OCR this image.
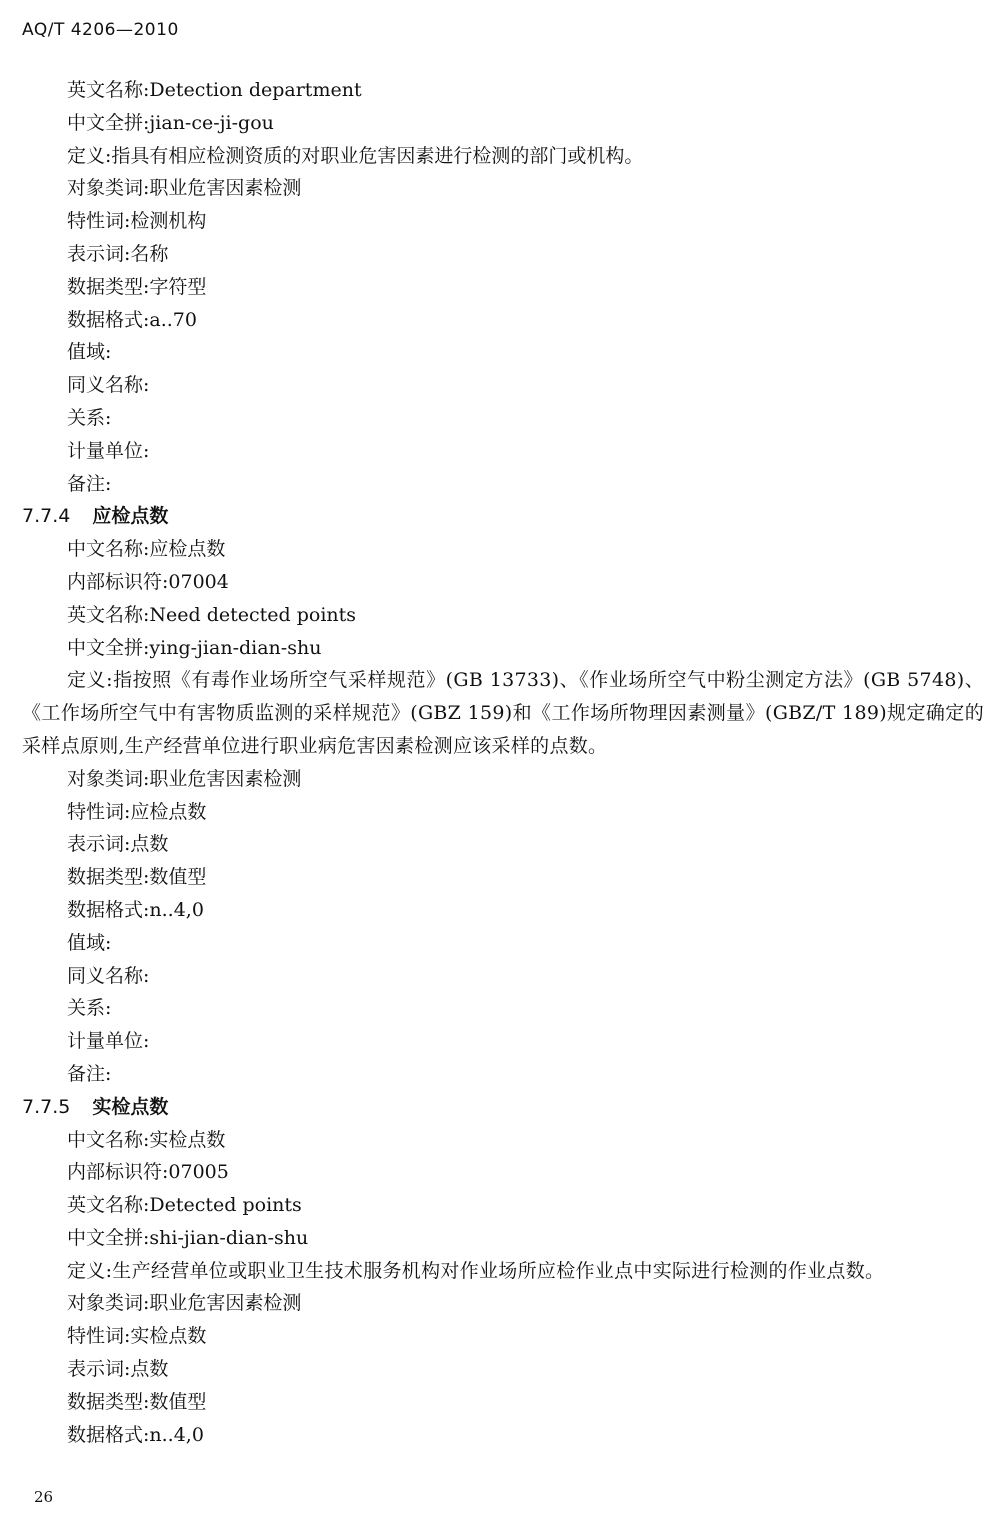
AQ/T 4206—2010
英文名称:Detection department
中文全拼:jian-ce-ji-gou
定义:指具有相应检测资质的对职业危害因素进行检测的部门或机构。
对象类词:职业危害因素检测
特性词:检测机构
表示词:名称
数据类型:字符型
数据格式:a..70
值域:
同义名称:
关系:
计量单位:
备注:
7.7.4 应检点数
中文名称:应检点数
内部标识符:07004
英文名称:Need detected points
中文全拼:ying-jian-dian-shu
定义:指按照《有毒作业场所空气采样规范》(GB 13733)、《作业场所空气中粉尘测定方法》(GB 5748)、《工作场所空气中有害物质监测的采样规范》(GBZ 159)和《工作场所物理因素测量》(GBZ/T 189)规定确定的采样点原则,生产经营单位进行职业病危害因素检测应该采样的点数。
对象类词:职业危害因素检测
特性词:应检点数
表示词:点数
数据类型:数值型
数据格式:n..4,0
值域:
同义名称:
关系:
计量单位:
备注:
7.7.5 实检点数
中文名称:实检点数
内部标识符:07005
英文名称:Detected points
中文全拼:shi-jian-dian-shu
定义:生产经营单位或职业卫生技术服务机构对作业场所应检作业点中实际进行检测的作业点数。
对象类词:职业危害因素检测
特性词:实检点数
表示词:点数
数据类型:数值型
数据格式:n..4,0
26
